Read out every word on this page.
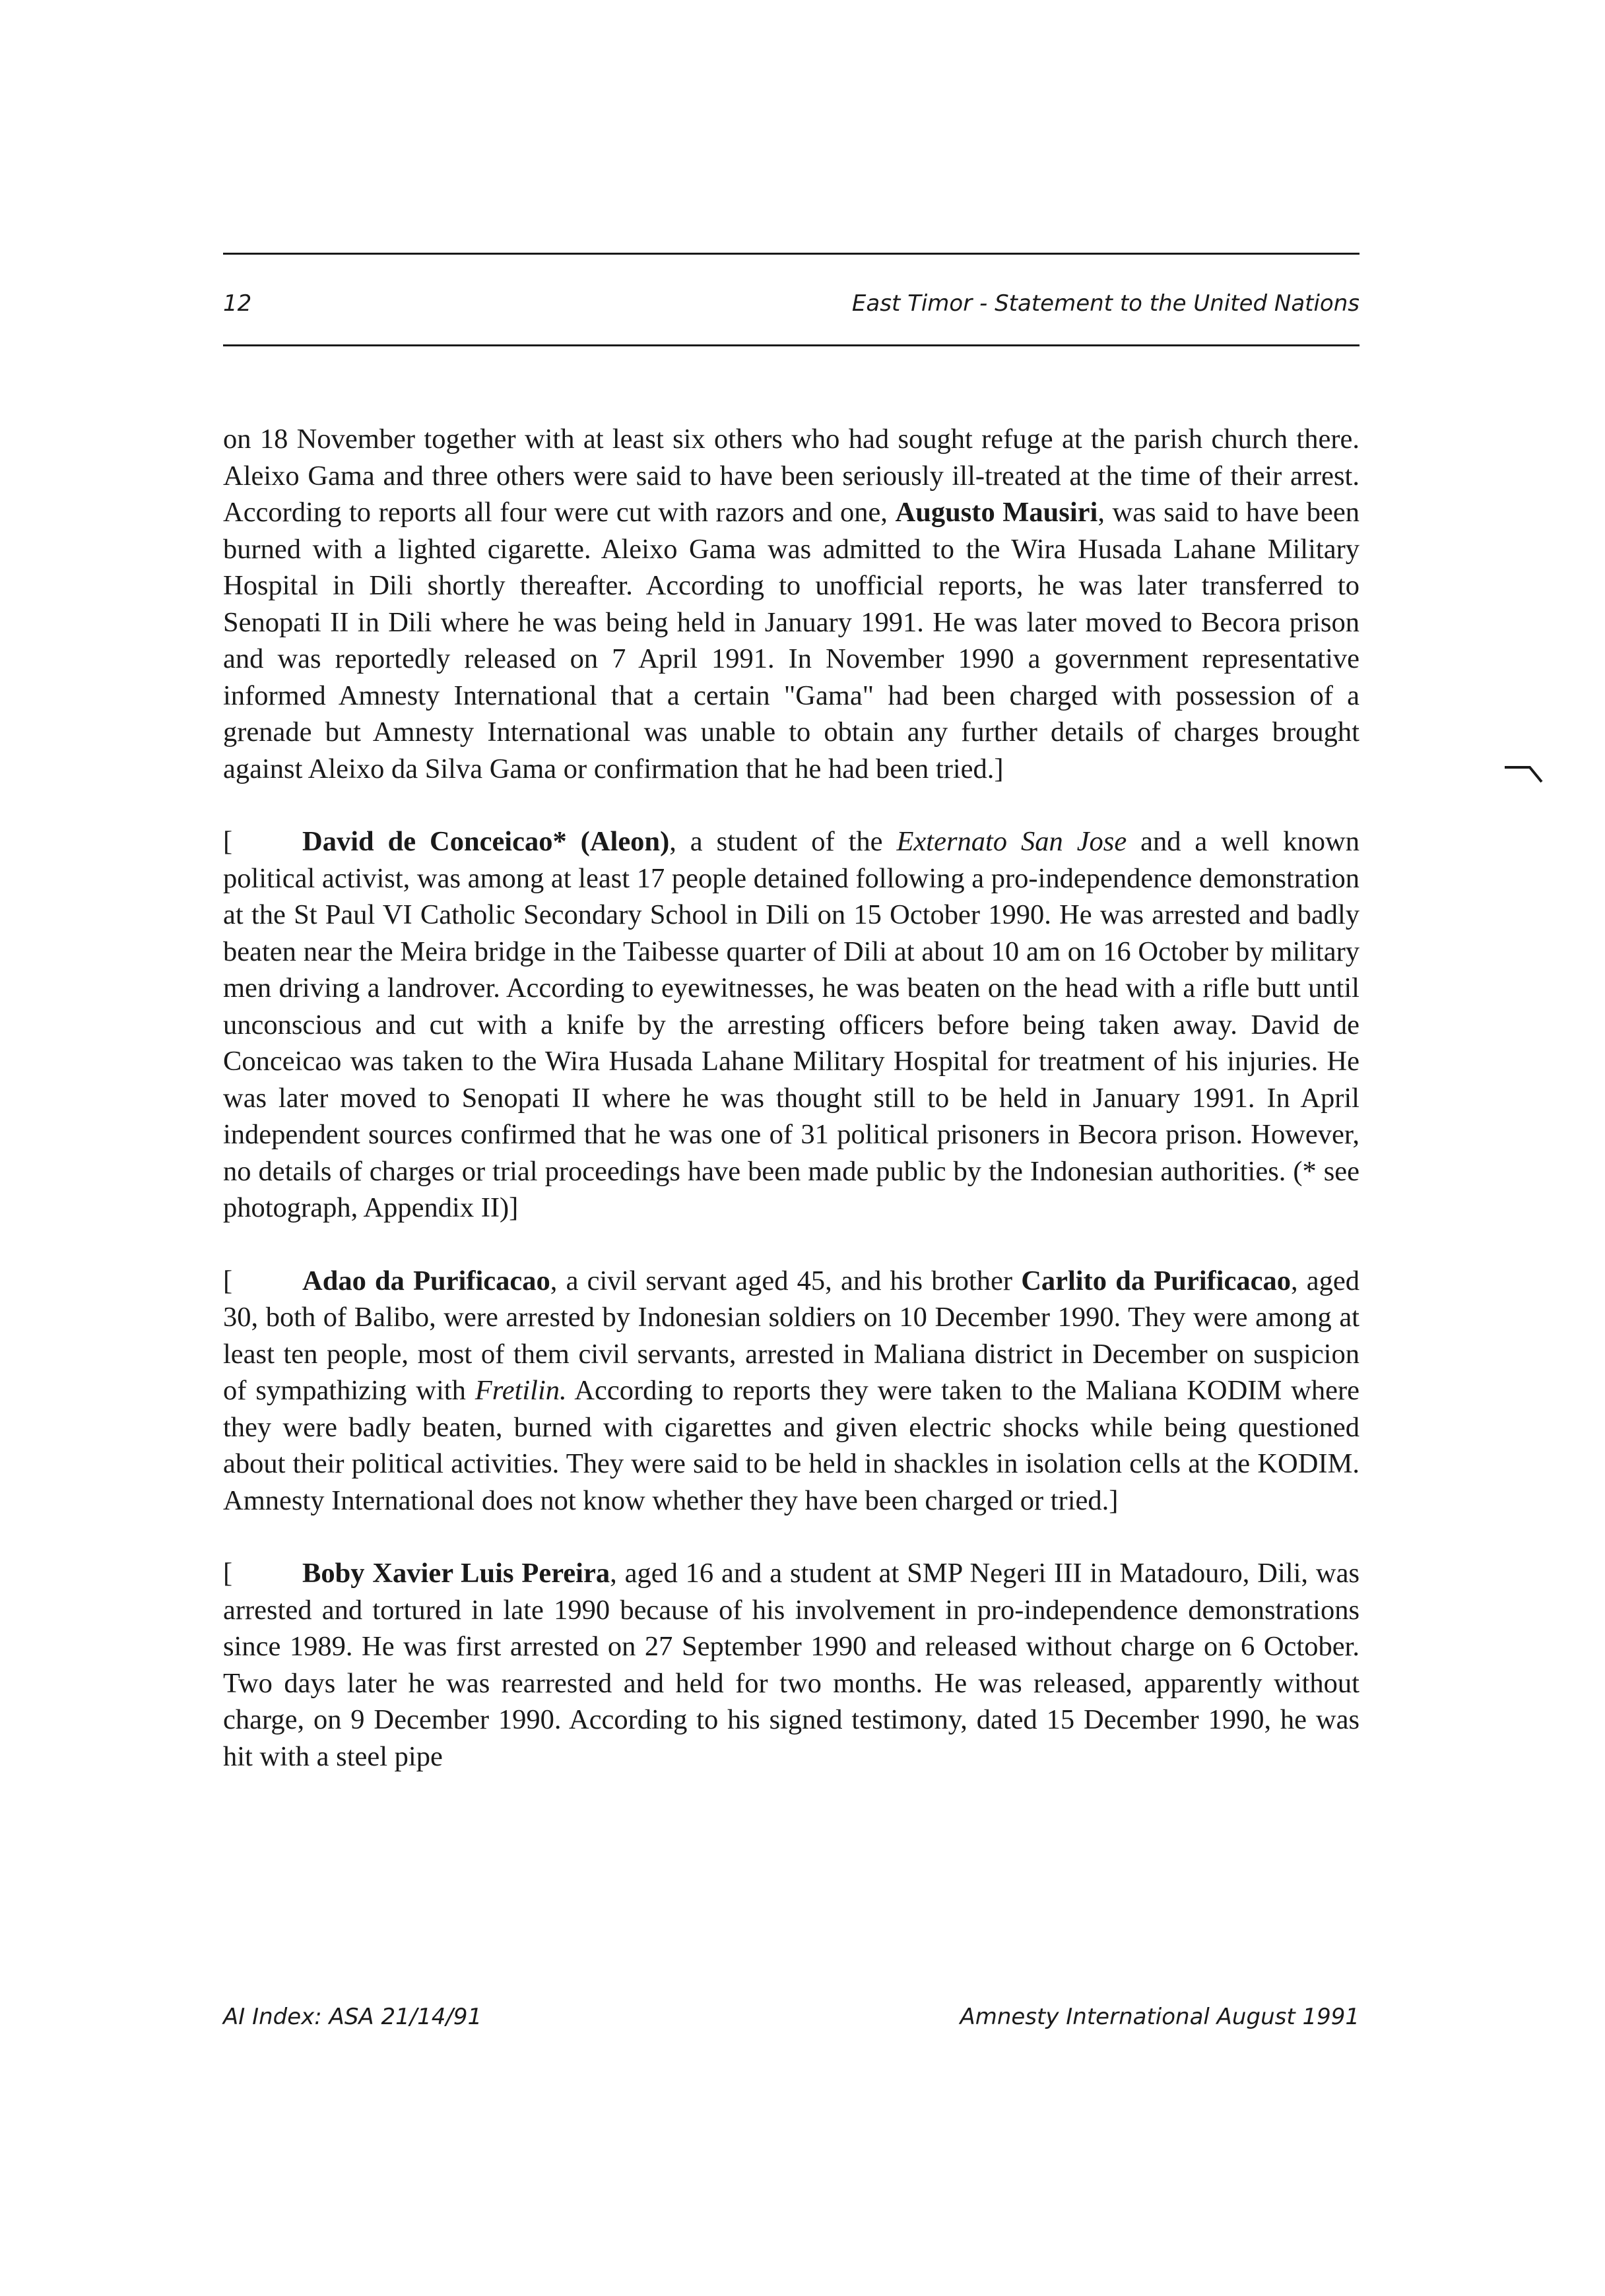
12	East Timor - Statement to the United Nations

on 18 November together with at least six others who had sought refuge at the parish church there. Aleixo Gama and three others were said to have been seriously ill-treated at the time of their arrest. According to reports all four were cut with razors and one, Augusto Mausiri, was said to have been burned with a lighted cigarette. Aleixo Gama was admitted to the Wira Husada Lahane Military Hospital in Dili shortly thereafter. According to unofficial reports, he was later transferred to Senopati II in Dili where he was being held in January 1991. He was later moved to Becora prison and was reportedly released on 7 April 1991. In November 1990 a government representative informed Amnesty International that a certain "Gama" had been charged with possession of a grenade but Amnesty International was unable to obtain any further details of charges brought against Aleixo da Silva Gama or confirmation that he had been tried.]

[ David de Conceicao* (Aleon), a student of the Externato San Jose and a well known political activist, was among at least 17 people detained following a pro-independence demonstration at the St Paul VI Catholic Secondary School in Dili on 15 October 1990. He was arrested and badly beaten near the Meira bridge in the Taibesse quarter of Dili at about 10 am on 16 October by military men driving a landrover. According to eyewitnesses, he was beaten on the head with a rifle butt until unconscious and cut with a knife by the arresting officers before being taken away. David de Conceicao was taken to the Wira Husada Lahane Military Hospital for treatment of his injuries. He was later moved to Senopati II where he was thought still to be held in January 1991. In April independent sources confirmed that he was one of 31 political prisoners in Becora prison. However, no details of charges or trial proceedings have been made public by the Indonesian authorities. (* see photograph, Appendix II)]

[ Adao da Purificacao, a civil servant aged 45, and his brother Carlito da Purificacao, aged 30, both of Balibo, were arrested by Indonesian soldiers on 10 December 1990. They were among at least ten people, most of them civil servants, arrested in Maliana district in December on suspicion of sympathizing with Fretilin. According to reports they were taken to the Maliana KODIM where they were badly beaten, burned with cigarettes and given electric shocks while being questioned about their political activities. They were said to be held in shackles in isolation cells at the KODIM. Amnesty International does not know whether they have been charged or tried.]

[ Boby Xavier Luis Pereira, aged 16 and a student at SMP Negeri III in Matadouro, Dili, was arrested and tortured in late 1990 because of his involvement in pro-independence demonstrations since 1989. He was first arrested on 27 September 1990 and released without charge on 6 October. Two days later he was rearrested and held for two months. He was released, apparently without charge, on 9 December 1990. According to his signed testimony, dated 15 December 1990, he was hit with a steel pipe

AI Index: ASA 21/14/91	Amnesty International August 1991
